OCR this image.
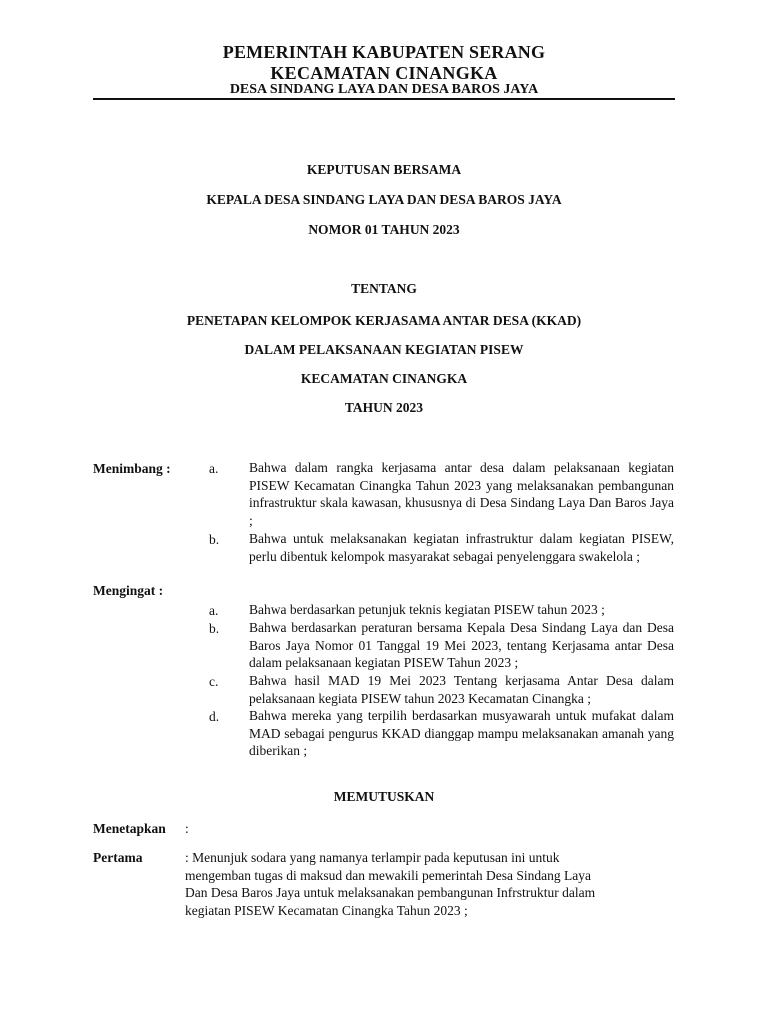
PEMERINTAH KABUPATEN SERANG
KECAMATAN CINANGKA
DESA SINDANG LAYA DAN DESA BAROS JAYA
KEPUTUSAN BERSAMA
KEPALA DESA SINDANG LAYA DAN DESA BAROS JAYA
NOMOR 01 TAHUN 2023
TENTANG
PENETAPAN KELOMPOK KERJASAMA ANTAR DESA (KKAD)
DALAM PELAKSANAAN KEGIATAN PISEW
KECAMATAN CINANGKA
TAHUN 2023
Menimbang :	a. Bahwa dalam rangka kerjasama antar desa dalam pelaksanaan kegiatan PISEW Kecamatan Cinangka Tahun 2023 yang melaksanakan pembangunan infrastruktur skala kawasan, khususnya di Desa Sindang Laya Dan Baros Jaya ;
b. Bahwa untuk melaksanakan kegiatan infrastruktur dalam kegiatan PISEW, perlu dibentuk kelompok masyarakat sebagai penyelenggara swakelola ;
Mengingat :
a. Bahwa berdasarkan petunjuk teknis kegiatan PISEW tahun 2023 ;
b. Bahwa berdasarkan peraturan bersama Kepala Desa Sindang Laya dan Desa Baros Jaya Nomor 01 Tanggal 19 Mei 2023, tentang Kerjasama antar Desa dalam pelaksanaan kegiatan PISEW Tahun 2023 ;
c. Bahwa hasil MAD 19 Mei 2023 Tentang kerjasama Antar Desa dalam pelaksanaan kegiata PISEW tahun 2023 Kecamatan Cinangka ;
d. Bahwa mereka yang terpilih berdasarkan musyawarah untuk mufakat dalam MAD sebagai pengurus KKAD dianggap mampu melaksanakan amanah yang diberikan ;
MEMUTUSKAN
Menetapkan :
Pertama	: Menunjuk sodara yang namanya terlampir pada keputusan ini untuk mengemban tugas di maksud dan mewakili pemerintah Desa Sindang Laya Dan Desa Baros Jaya untuk melaksanakan pembangunan Infrstruktur dalam kegiatan PISEW Kecamatan Cinangka Tahun 2023 ;
